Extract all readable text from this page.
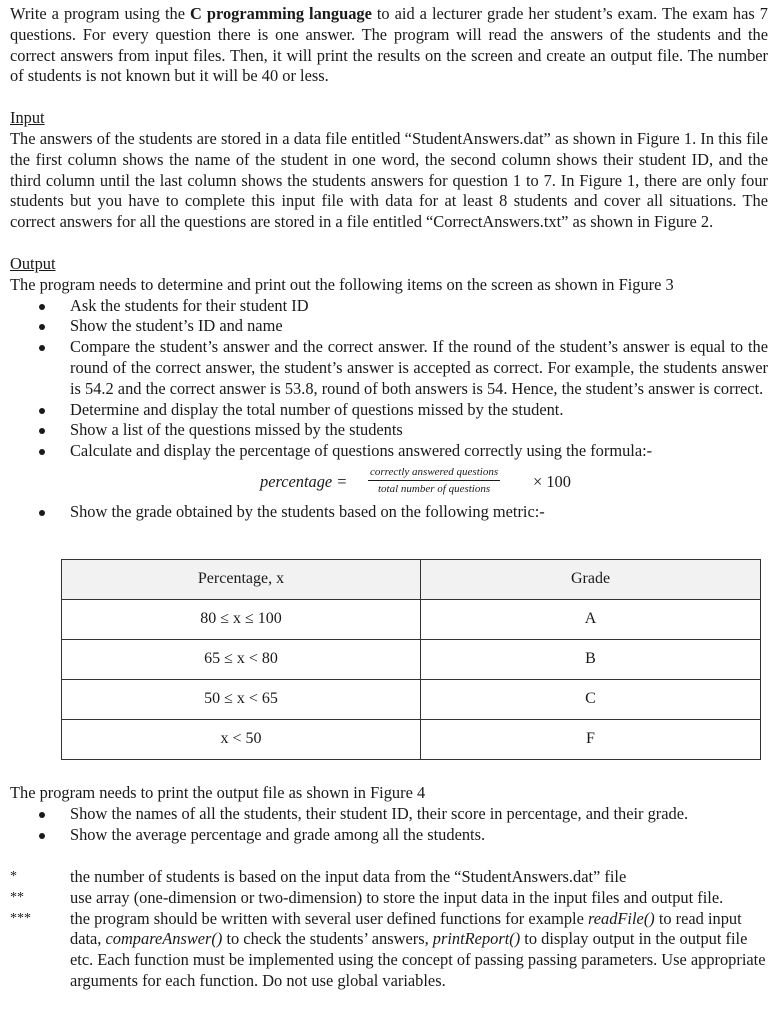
Write a program using the C programming language to aid a lecturer grade her student’s exam. The exam has 7 questions. For every question there is one answer. The program will read the answers of the students and the correct answers from input files. Then, it will print the results on the screen and create an output file. The number of students is not known but it will be 40 or less.

Input

The answers of the students are stored in a data file entitled “StudentAnswers.dat” as shown in Figure 1. In this file the first column shows the name of the student in one word, the second column shows their student ID, and the third column until the last column shows the students answers for question 1 to 7. In Figure 1, there are only four students but you have to complete this input file with data for at least 8 students and cover all situations. The correct answers for all the questions are stored in a file entitled “CorrectAnswers.txt” as shown in Figure 2.

Output

The program needs to determine and print out the following items on the screen as shown in Figure 3

Ask the students for their student ID
Show the student’s ID and name
Compare the student’s answer and the correct answer. If the round of the student’s answer is equal to the round of the correct answer, the student’s answer is accepted as correct. For example, the students answer is 54.2 and the correct answer is 53.8, round of both answers is 54. Hence, the student’s answer is correct.
Determine and display the total number of questions missed by the student.
Show a list of the questions missed by the students
Calculate and display the percentage of questions answered correctly using the formula:-
percentage = correctly answered questions
total number of questions	× 100
Show the grade obtained by the students based on the following metric:-
Percentage, x	Grade
80 ≤ x ≤ 100	A
65 ≤ x < 80	B
50 ≤ x < 65	C
x < 50	F

The program needs to print the output file as shown in Figure 4

Show the names of all the students, their student ID, their score in percentage, and their grade.
Show the average percentage and grade among all the students.
*	the number of students is based on the input data from the “StudentAnswers.dat” file
**	use array (one-dimension or two-dimension) to store the input data in the input files and output file.
*** the program should be written with several user defined functions for example readFile() to read input data, compareAnswer() to check the students’ answers, printReport() to display output in the output file etc. Each function must be implemented using the concept of passing passing parameters. Use appropriate arguments for each function. Do not use global variables.
